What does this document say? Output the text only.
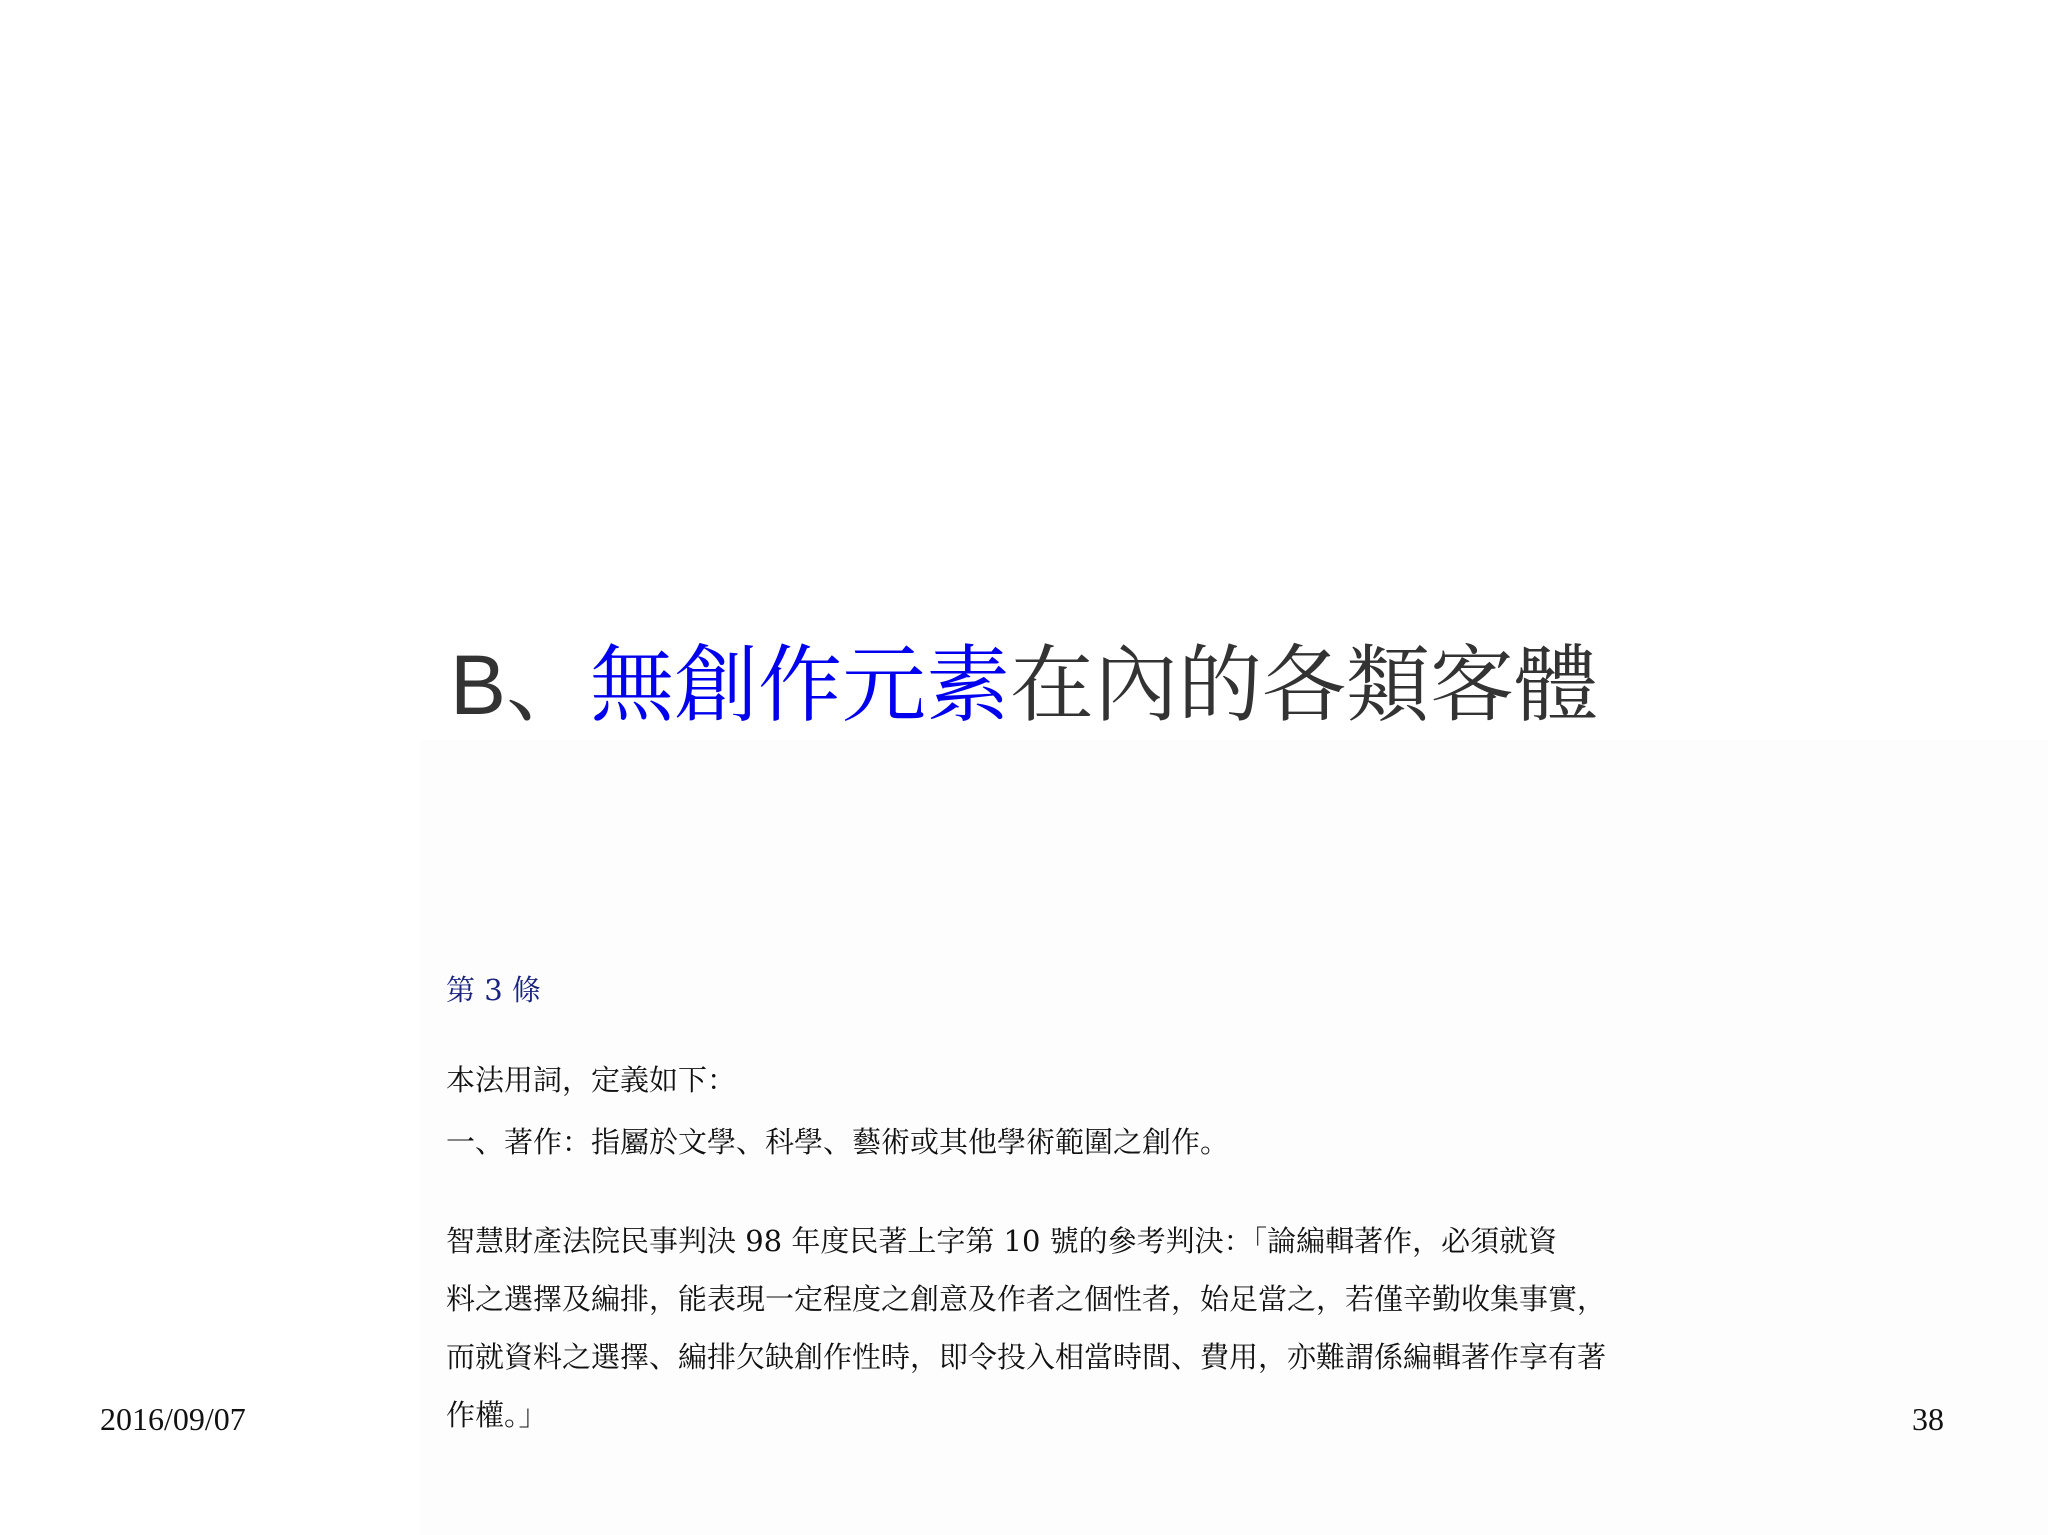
B、無創作元素在內的各類客體
第 3 條
本法用詞，定義如下：
一、著作：指屬於文學、科學、藝術或其他學術範圍之創作。
智慧財產法院民事判決 98 年度民著上字第 10 號的參考判決：「論編輯著作，必須就資
料之選擇及編排，能表現一定程度之創意及作者之個性者，始足當之，若僅辛勤收集事實，
而就資料之選擇、編排欠缺創作性時，即令投入相當時間、費用，亦難謂係編輯著作享有著
作權。」
2016/09/07	38
